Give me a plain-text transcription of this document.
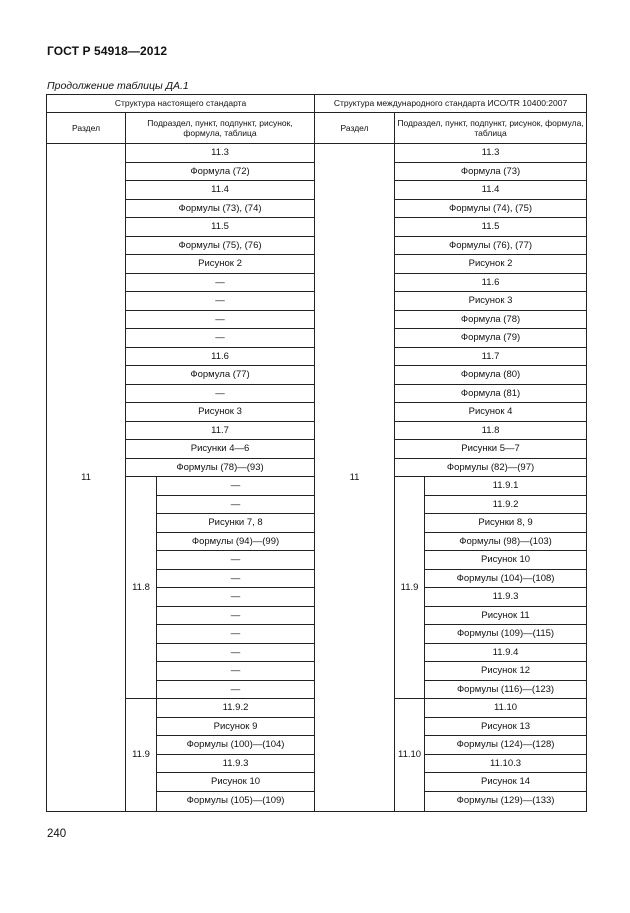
ГОСТ Р 54918—2012
Продолжение таблицы ДА.1
Структура настоящего стандарта			Структура международного стандарта ИСО/TR 10400:2007		
Раздел	Подраздел, пункт, подпункт, рисунок, формула, таблица		Раздел	Подраздел, пункт, подпункт, рисунок, формула, таблица	
11	11.3		11	11.3	
	Формула (72)			Формула (73)	
	11.4			11.4	
	Формулы (73), (74)			Формулы (74), (75)	
	11.5			11.5	
	Формулы (75), (76)			Формулы (76), (77)	
	Рисунок 2			Рисунок 2	
	—			11.6	
	—			Рисунок 3	
	—			Формула (78)	
	—			Формула (79)	
	11.6			11.7	
	Формула (77)			Формула (80)	
	—			Формула (81)	
	Рисунок 3			Рисунок 4	
	11.7			11.8	
	Рисунки 4—6			Рисунки 5—7	
	Формулы (78)—(93)			Формулы (82)—(97)	
	11.8	—		11.9	11.9.1
		—			11.9.2
		Рисунки 7, 8			Рисунки 8, 9
		Формулы (94)—(99)			Формулы (98)—(103)
		—			Рисунок 10
		—			Формулы (104)—(108)
		—			11.9.3
		—			Рисунок 11
		—			Формулы (109)—(115)
		—			11.9.4
		—			Рисунок 12
		—			Формулы (116)—(123)
	11.9	11.9.2		11.10	11.10
		Рисунок 9			Рисунок 13
		Формулы (100)—(104)			Формулы (124)—(128)
		11.9.3			11.10.3
		Рисунок 10			Рисунок 14
		Формулы (105)—(109)			Формулы (129)—(133)
240
